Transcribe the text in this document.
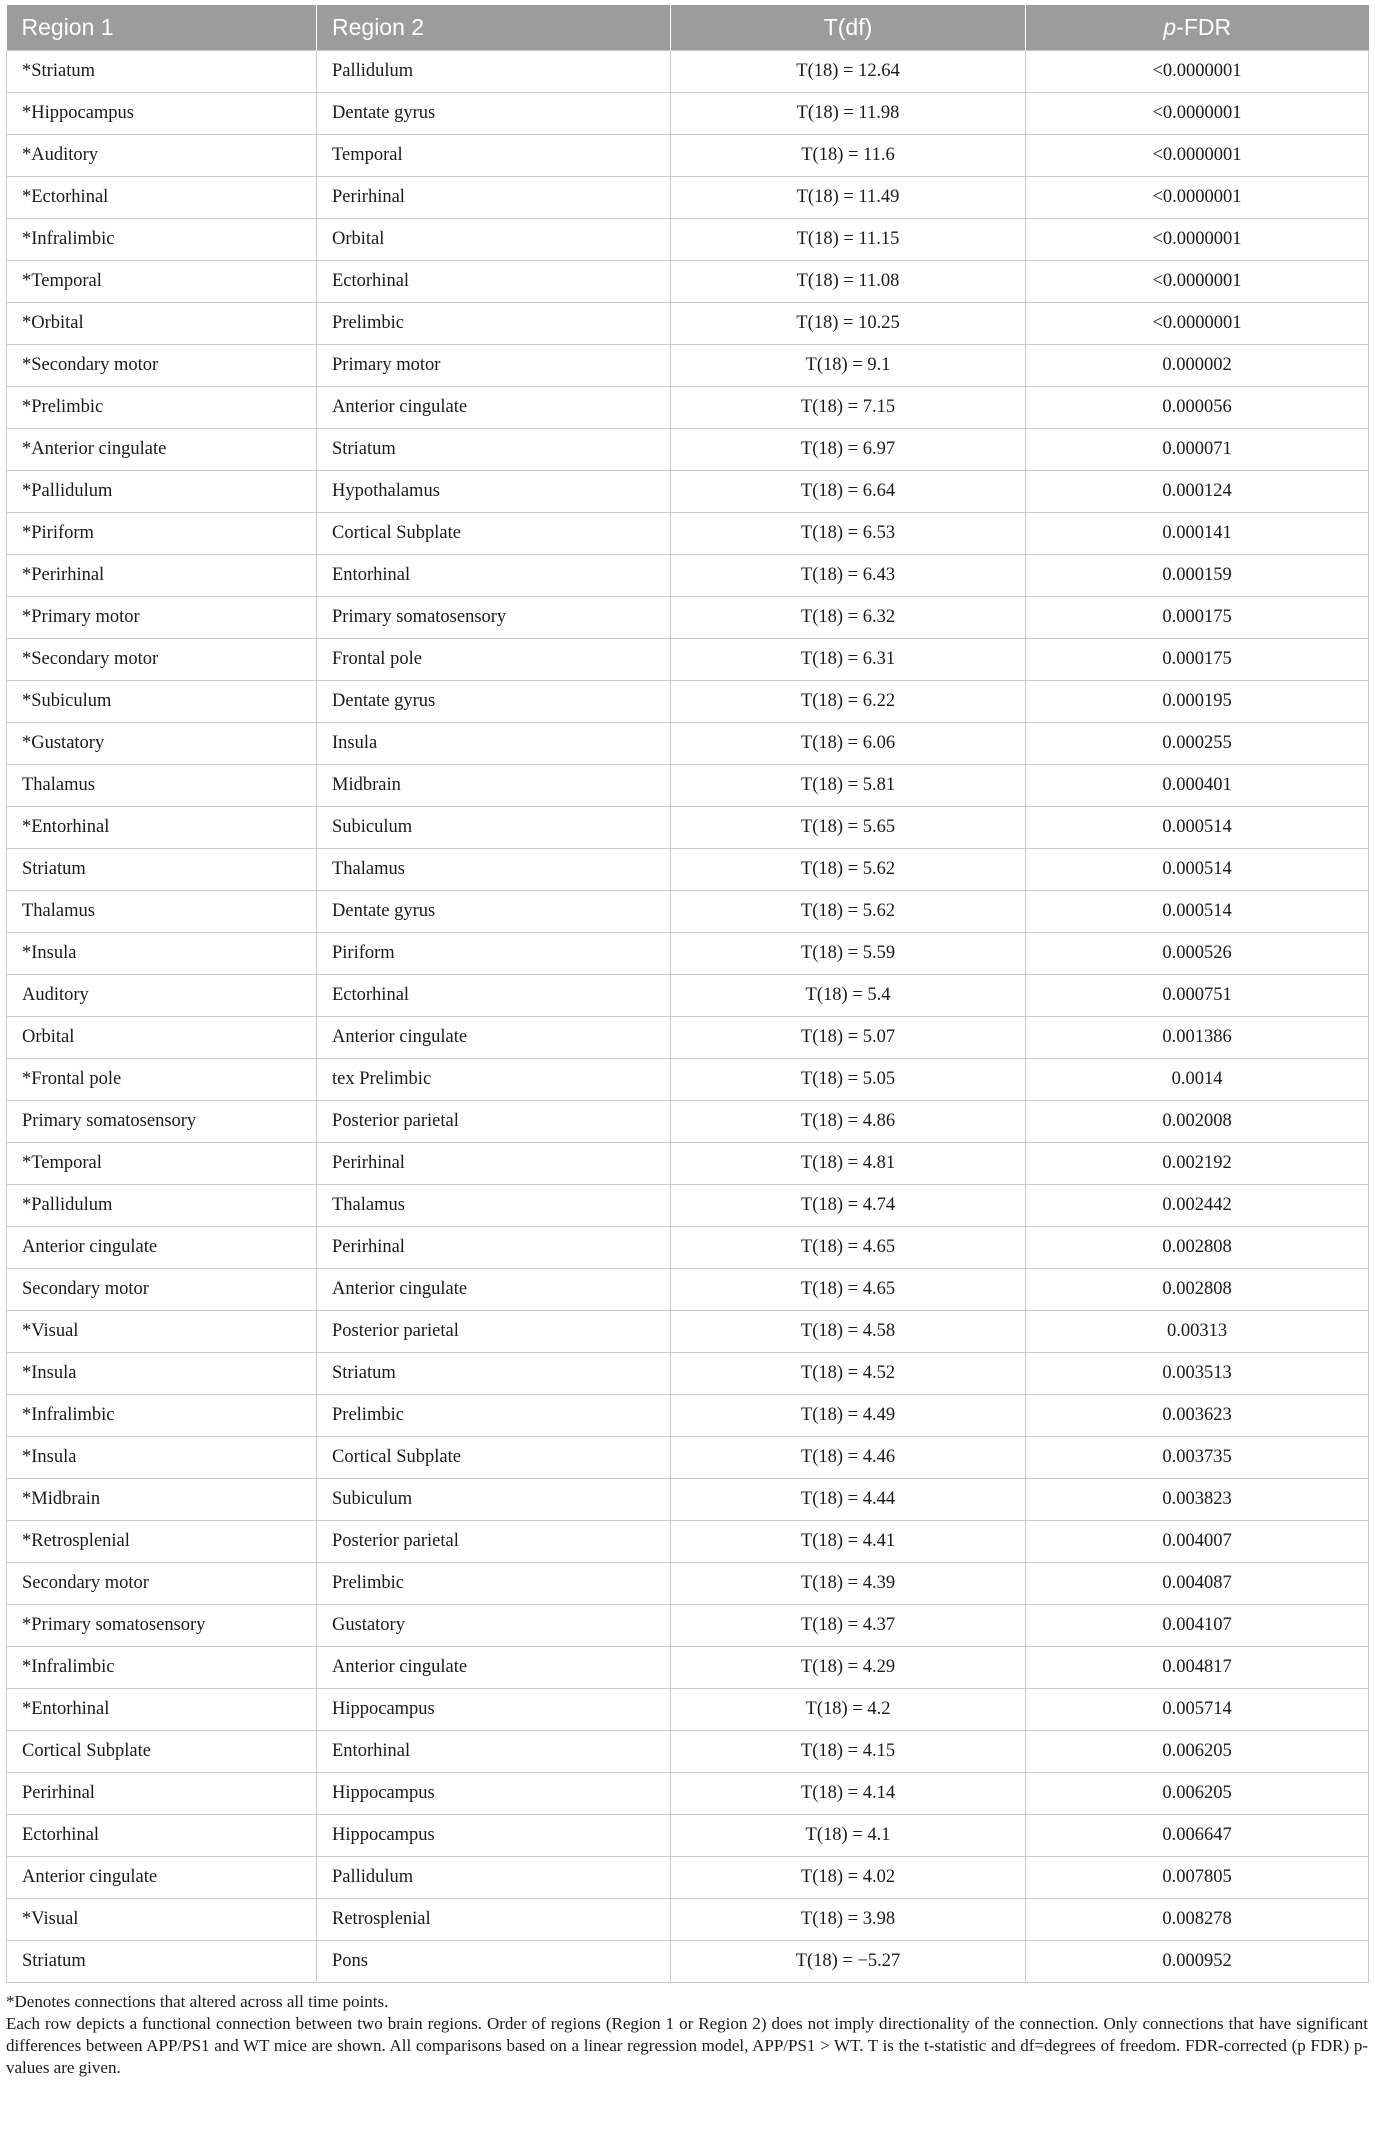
Region 1	Region 2	T(df)	p-FDR
*Striatum	Pallidulum	T(18) = 12.64	<0.0000001
*Hippocampus	Dentate gyrus	T(18) = 11.98	<0.0000001
*Auditory	Temporal	T(18) = 11.6	<0.0000001
*Ectorhinal	Perirhinal	T(18) = 11.49	<0.0000001
*Infralimbic	Orbital	T(18) = 11.15	<0.0000001
*Temporal	Ectorhinal	T(18) = 11.08	<0.0000001
*Orbital	Prelimbic	T(18) = 10.25	<0.0000001
*Secondary motor	Primary motor	T(18) = 9.1	0.000002
*Prelimbic	Anterior cingulate	T(18) = 7.15	0.000056
*Anterior cingulate	Striatum	T(18) = 6.97	0.000071
*Pallidulum	Hypothalamus	T(18) = 6.64	0.000124
*Piriform	Cortical Subplate	T(18) = 6.53	0.000141
*Perirhinal	Entorhinal	T(18) = 6.43	0.000159
*Primary motor	Primary somatosensory	T(18) = 6.32	0.000175
*Secondary motor	Frontal pole	T(18) = 6.31	0.000175
*Subiculum	Dentate gyrus	T(18) = 6.22	0.000195
*Gustatory	Insula	T(18) = 6.06	0.000255
Thalamus	Midbrain	T(18) = 5.81	0.000401
*Entorhinal	Subiculum	T(18) = 5.65	0.000514
Striatum	Thalamus	T(18) = 5.62	0.000514
Thalamus	Dentate gyrus	T(18) = 5.62	0.000514
*Insula	Piriform	T(18) = 5.59	0.000526
Auditory	Ectorhinal	T(18) = 5.4	0.000751
Orbital	Anterior cingulate	T(18) = 5.07	0.001386
*Frontal pole	tex Prelimbic	T(18) = 5.05	0.0014
Primary somatosensory	Posterior parietal	T(18) = 4.86	0.002008
*Temporal	Perirhinal	T(18) = 4.81	0.002192
*Pallidulum	Thalamus	T(18) = 4.74	0.002442
Anterior cingulate	Perirhinal	T(18) = 4.65	0.002808
Secondary motor	Anterior cingulate	T(18) = 4.65	0.002808
*Visual	Posterior parietal	T(18) = 4.58	0.00313
*Insula	Striatum	T(18) = 4.52	0.003513
*Infralimbic	Prelimbic	T(18) = 4.49	0.003623
*Insula	Cortical Subplate	T(18) = 4.46	0.003735
*Midbrain	Subiculum	T(18) = 4.44	0.003823
*Retrosplenial	Posterior parietal	T(18) = 4.41	0.004007
Secondary motor	Prelimbic	T(18) = 4.39	0.004087
*Primary somatosensory	Gustatory	T(18) = 4.37	0.004107
*Infralimbic	Anterior cingulate	T(18) = 4.29	0.004817
*Entorhinal	Hippocampus	T(18) = 4.2	0.005714
Cortical Subplate	Entorhinal	T(18) = 4.15	0.006205
Perirhinal	Hippocampus	T(18) = 4.14	0.006205
Ectorhinal	Hippocampus	T(18) = 4.1	0.006647
Anterior cingulate	Pallidulum	T(18) = 4.02	0.007805
*Visual	Retrosplenial	T(18) = 3.98	0.008278
Striatum	Pons	T(18) = −5.27	0.000952

*Denotes connections that altered across all time points.

Each row depicts a functional connection between two brain regions. Order of regions (Region 1 or Region 2) does not imply directionality of the connection. Only connections that have significant differences between APP/PS1 and WT mice are shown. All comparisons based on a linear regression model, APP/PS1 > WT. T is the t-statistic and df=degrees of freedom. FDR-corrected (p FDR) p-values are given.
